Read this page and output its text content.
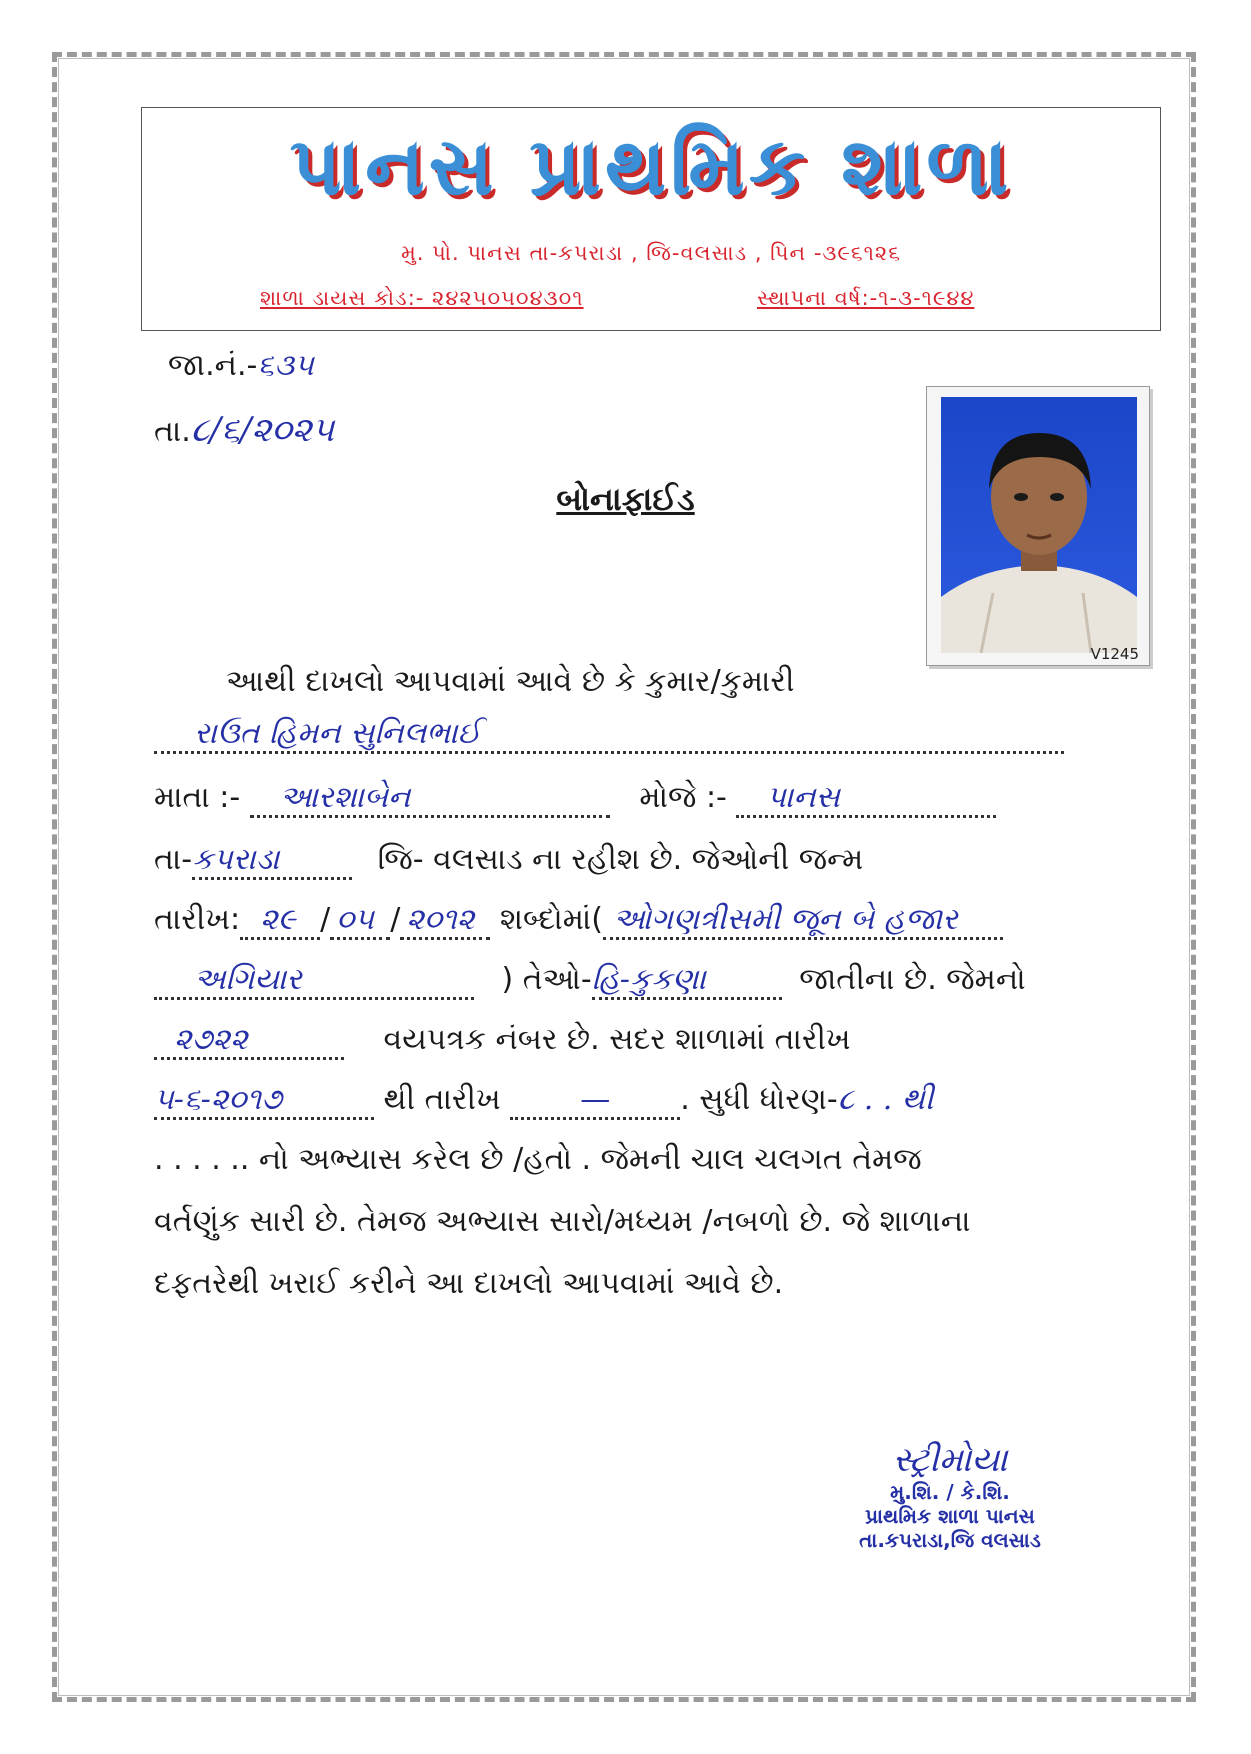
પાનસ પ્રાથમિક શાળા
મુ. પો. પાનસ તા-કપરાડા , જિ-વલસાડ , પિન -૩૯૬૧૨૬
શાળા ડાયસ કોડ:- ૨૪૨૫૦૫૦૪૩૦૧	સ્થાપના વર્ષ:-૧-૩-૧૯૪૪
જા.નં.-૬૩૫
તા.૮/૬/૨૦૨૫
V1245
બોનાફાઈડ
આથી દાખલો આપવામાં આવે છે કે કુમાર/કુમારી
રાઉત હિમન સુનિલભાઈ
માતા :- આરશાબેન	મોજે :- પાનસ
તા-કપરાડા	જિ- વલસાડ ના રહીશ છે. જેઓની જન્મ
તારીખ: ૨૯ / ૦૫ / ૨૦૧૨ શબ્દોમાં( ઓગણત્રીસમી જૂન બે હજાર
અગિયાર	) તેઓ-હિ-કુકણા	જાતીના છે. જેમનો
૨૭૨૨	વયપત્રક નંબર છે. સદર શાળામાં તારીખ
૫-૬-૨૦૧૭	થી તારીખ	— . સુધી ધોરણ-૮ . . થી
. . . . .. નો અભ્યાસ કરેલ છે /હતો . જેમની ચાલ ચલગત તેમજ
વર્તણુંક સારી છે. તેમજ અભ્યાસ સારો/મધ્યમ /નબળો છે. જે શાળાના
દફતરેથી ખરાઈ કરીને આ દાખલો આપવામાં આવે છે.
સ્ટ્રીમોયા
મુ.શિ. / કે.શિ.
પ્રાથમિક શાળા પાનસ
તા.કપરાડા,જિ વલસાડ
